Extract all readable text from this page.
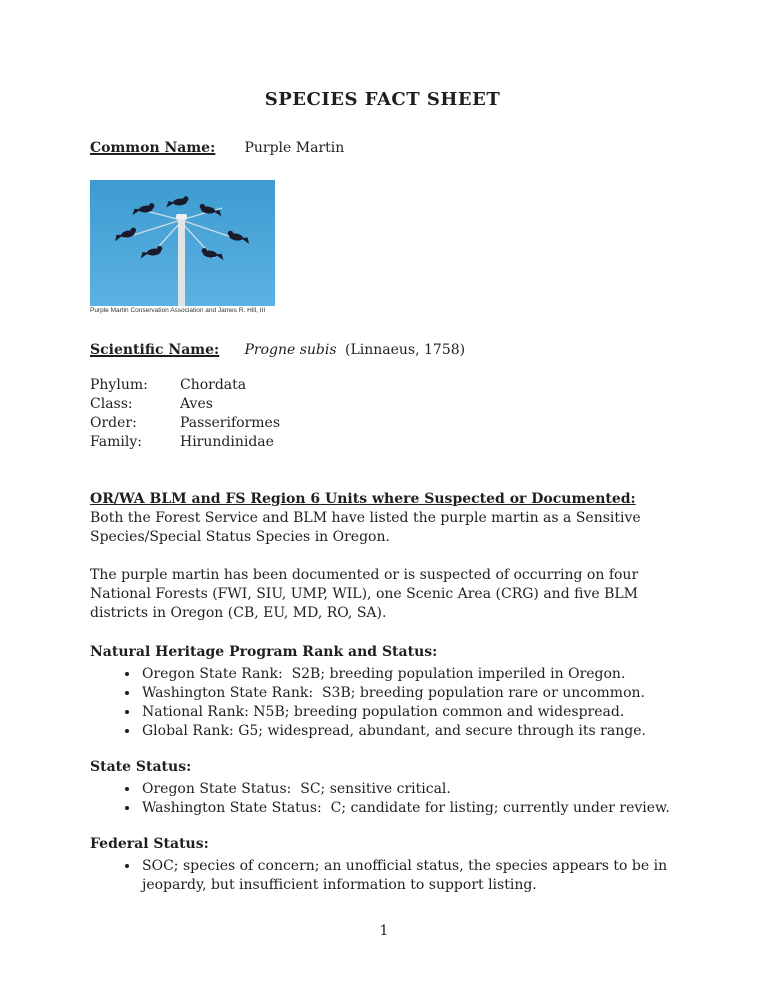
SPECIES FACT SHEET
Common Name: Purple Martin
Purple Martin Conservation Association and James R. Hill, III
Scientific Name: Progne subis (Linnaeus, 1758)
Phylum:	Chordata
Class:	Aves
Order:	Passeriformes
Family:	Hirundinidae
OR/WA BLM and FS Region 6 Units where Suspected or Documented:

Both the Forest Service and BLM have listed the purple martin as a Sensitive Species/Special Status Species in Oregon.

The purple martin has been documented or is suspected of occurring on four National Forests (FWI, SIU, UMP, WIL), one Scenic Area (CRG) and five BLM districts in Oregon (CB, EU, MD, RO, SA).

Natural Heritage Program Rank and Status:
• Oregon State Rank:  S2B; breeding population imperiled in Oregon.
• Washington State Rank:  S3B; breeding population rare or uncommon.
• National Rank: N5B; breeding population common and widespread.
• Global Rank: G5; widespread, abundant, and secure through its range.
State Status:
• Oregon State Status:  SC; sensitive critical.
• Washington State Status:  C; candidate for listing; currently under review.
Federal Status:
• SOC; species of concern; an unofficial status, the species appears to be in jeopardy, but insufficient information to support listing.
1
